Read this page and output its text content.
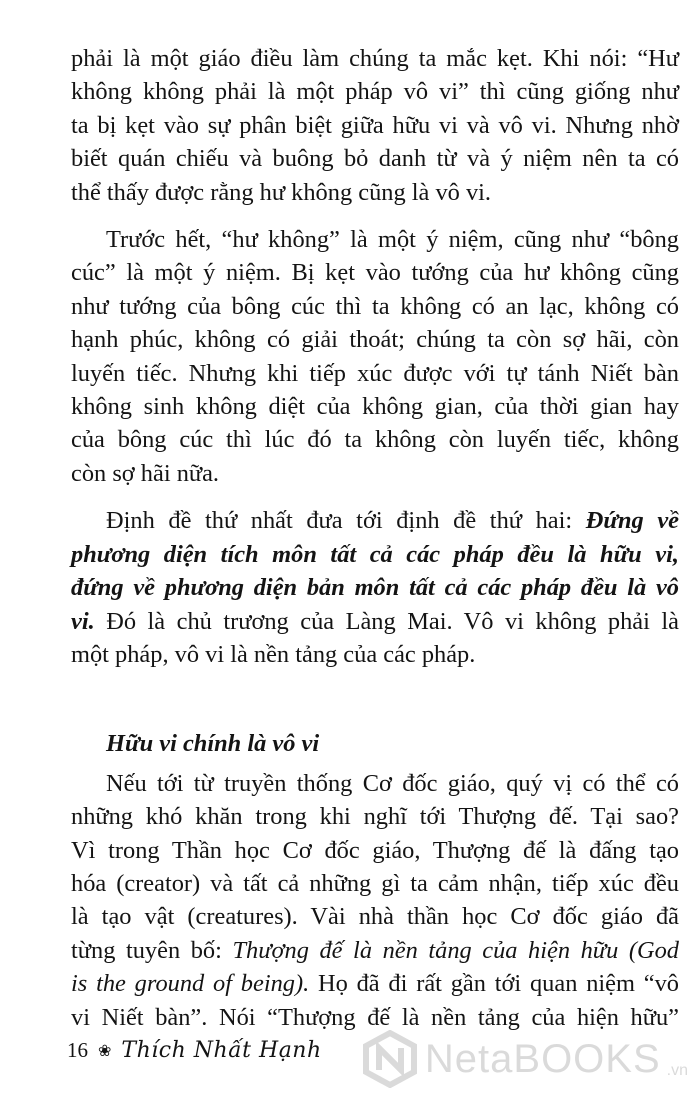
phải là một giáo điều làm chúng ta mắc kẹt. Khi nói: “Hư
không không phải là một pháp vô vi” thì cũng giống như
ta bị kẹt vào sự phân biệt giữa hữu vi và vô vi. Nhưng nhờ
biết quán chiếu và buông bỏ danh từ và ý niệm nên ta có
thể thấy được rằng hư không cũng là vô vi.

Trước hết, “hư không” là một ý niệm, cũng như “bông
cúc” là một ý niệm. Bị kẹt vào tướng của hư không cũng
như tướng của bông cúc thì ta không có an lạc, không có
hạnh phúc, không có giải thoát; chúng ta còn sợ hãi, còn
luyến tiếc. Nhưng khi tiếp xúc được với tự tánh Niết bàn
không sinh không diệt của không gian, của thời gian hay
của bông cúc thì lúc đó ta không còn luyến tiếc, không
còn sợ hãi nữa.

Định đề thứ nhất đưa tới định đề thứ hai: Đứng về
phương diện tích môn tất cả các pháp đều là hữu vi,
đứng về phương diện bản môn tất cả các pháp đều là vô
vi. Đó là chủ trương của Làng Mai. Vô vi không phải là
một pháp, vô vi là nền tảng của các pháp.

Hữu vi chính là vô vi

Nếu tới từ truyền thống Cơ đốc giáo, quý vị có thể có
những khó khăn trong khi nghĩ tới Thượng đế. Tại sao?
Vì trong Thần học Cơ đốc giáo, Thượng đế là đấng tạo
hóa (creator) và tất cả những gì ta cảm nhận, tiếp xúc đều
là tạo vật (creatures). Vài nhà thần học Cơ đốc giáo đã
từng tuyên bố: Thượng đế là nền tảng của hiện hữu (God
is the ground of being). Họ đã đi rất gần tới quan niệm “vô
vi Niết bàn”. Nói “Thượng đế là nền tảng của hiện hữu”

16 ❀ Thích Nhất Hạnh	NetaBOOKS .vn
